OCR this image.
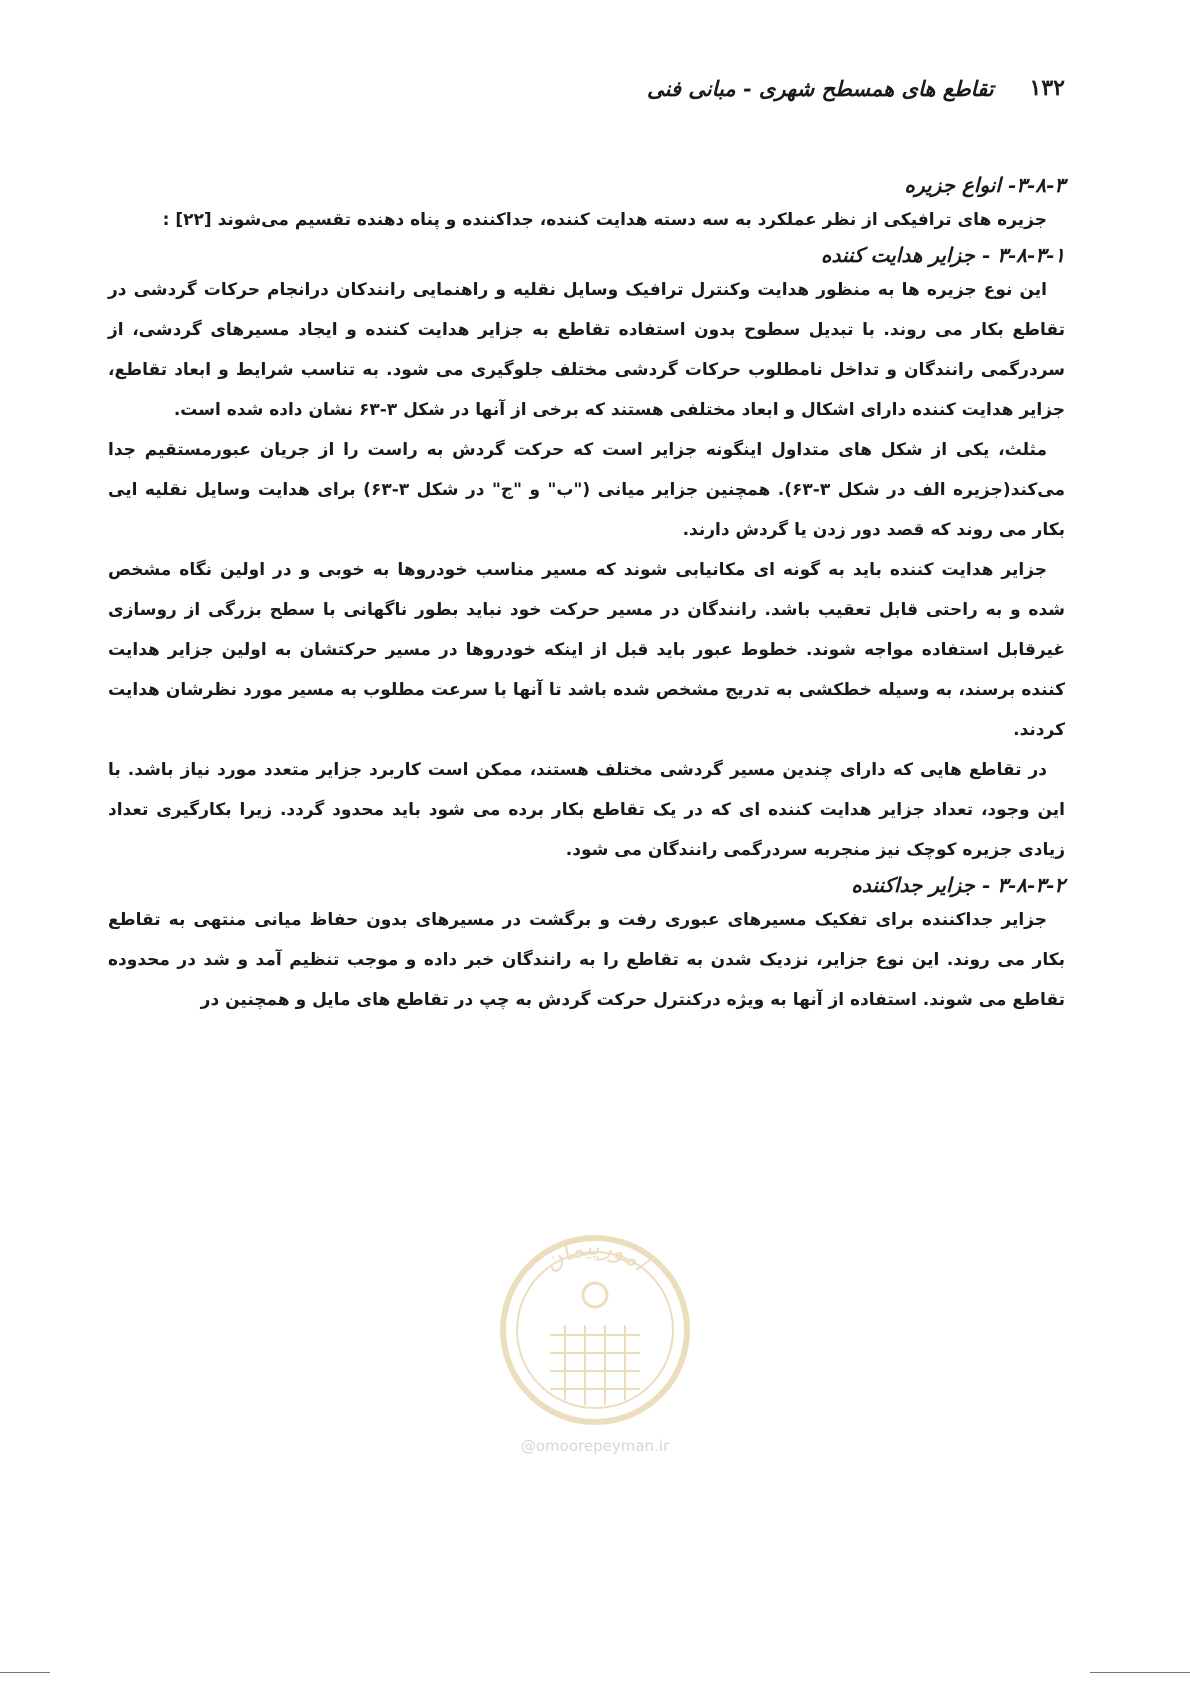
۱۳۲
تقاطع های همسطح شهری - مبانی فنی
۳-۸-۳- انواع جزیره

جزیره های ترافیکی از نظر عملکرد به سه دسته هدایت کننده، جداکننده و پناه دهنده تقسیم می‌شوند [۲۲] :

۳-۸-۳-۱ - جزایر هدایت کننده

این نوع جزیره ها به منظور هدایت وکنترل ترافیک وسایل نقلیه و راهنمایی رانندکان درانجام حرکات گردشی در تقاطع بکار می روند. با تبدیل سطوح بدون استفاده تقاطع به جزایر هدایت کننده و ایجاد مسیرهای گردشی، از سردرگمی رانندگان و تداخل نامطلوب حرکات گردشی مختلف جلوگیری می شود. به تناسب شرایط و ابعاد تقاطع، جزایر هدایت کننده دارای اشکال و ابعاد مختلفی هستند که برخی از آنها در شکل ۳-۶۳ نشان داده شده است.

مثلث، یکی از شکل های متداول اینگونه جزایر است که حرکت گردش به راست را از جریان عبورمستقیم جدا می‌کند(جزیره الف در شکل ۳-۶۳). همچنین جزایر میانی ("ب" و "ج" در شکل ۳-۶۳) برای هدایت وسایل نقلیه ایی بکار می روند که قصد دور زدن یا گردش دارند.

جزایر هدایت کننده باید به گونه ای مکانیابی شوند که مسیر مناسب خودروها به خوبی و در اولین نگاه مشخص شده و به راحتی قابل تعقیب باشد. رانندگان در مسیر حرکت خود نباید بطور ناگهانی با سطح بزرگی از روسازی غیرقابل استفاده مواجه شوند. خطوط عبور باید قبل از اینکه خودروها در مسیر حرکتشان به اولین جزایر هدایت کننده برسند، به وسیله خطکشی به تدریج مشخص شده باشد تا آنها با سرعت مطلوب به مسیر مورد نظرشان هدایت کردند.

در تقاطع هایی که دارای چندین مسیر گردشی مختلف هستند، ممکن است کاربرد جزایر متعدد مورد نیاز باشد. با این وجود، تعداد جزایر هدایت کننده ای که در یک تقاطع بکار برده می شود باید محدود گردد. زیرا بکارگیری تعداد زیادی جزیره کوچک نیز منجربه سردرگمی رانندگان می شود.

۳-۸-۳-۲ - جزایر جداکننده

جزایر جداکننده برای تفکیک مسیرهای عبوری رفت و برگشت در مسیرهای بدون حفاظ میانی منتهی به تقاطع بکار می روند. این نوع جزایر، نزدیک شدن به تقاطع را به رانندگان خبر داده و موجب تنظیم آمد و شد در محدوده تقاطع می شوند. استفاده از آنها به ویژه درکنترل حرکت گردش به چپ در تقاطع های مایل و همچنین در

امورپیمان
@omoorepeyman.ir
